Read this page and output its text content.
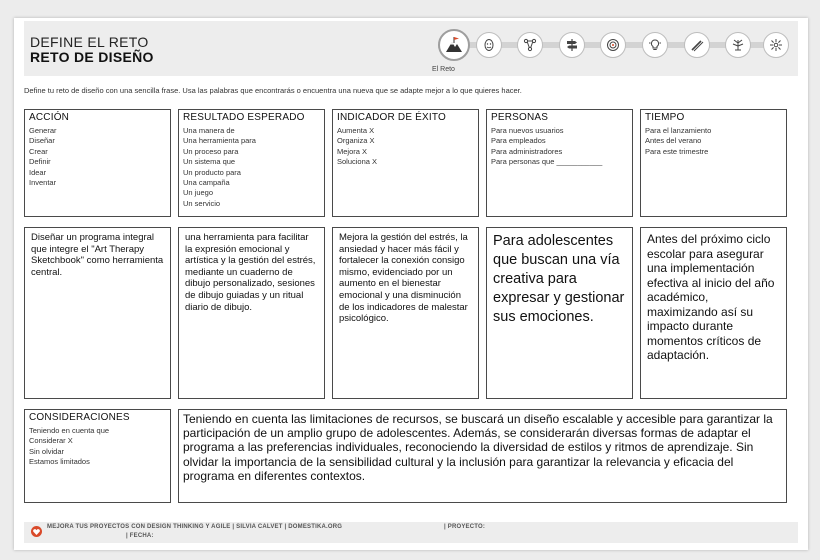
DEFINE EL RETO
RETO DE DISEÑO
El Reto
Define tu reto de diseño con una sencilla frase. Usa las palabras que encontrarás o encuentra una nueva que se adapte mejor a lo que quieres hacer.
ACCIÓN
Generar
Diseñar
Crear
Definir
Idear
Inventar
RESULTADO ESPERADO
Una manera de
Una herramienta para
Un proceso para
Un sistema que
Un producto para
Una campaña
Un juego
Un servicio
INDICADOR DE ÉXITO
Aumenta X
Organiza X
Mejora X
Soluciona X
PERSONAS
Para nuevos usuarios
Para empleados
Para administradores
Para personas que ___________
TIEMPO
Para el lanzamiento
Antes del verano
Para este trimestre
Diseñar un programa integral que integre el "Art Therapy Sketchbook" como herramienta central.
una herramienta para facilitar la expresión emocional y artística y la gestión del estrés, mediante un cuaderno de dibujo personalizado, sesiones de dibujo guiadas y un ritual diario de dibujo.
Mejora la gestión del estrés, la ansiedad y hacer más fácil y fortalecer la conexión consigo mismo, evidenciado por un aumento en el bienestar emocional y una disminución de los indicadores de malestar psicológico.
Para adolescentes que buscan una vía creativa para expresar y gestionar sus emociones.
Antes del próximo ciclo escolar para asegurar una implementación efectiva al inicio del año académico, maximizando así su impacto durante momentos críticos de adaptación.
CONSIDERACIONES
Teniendo en cuenta que
Considerar X
Sin olvidar
Estamos limitados
Teniendo en cuenta las limitaciones de recursos, se buscará un diseño escalable y accesible para garantizar la participación de un amplio grupo de adolescentes. Además, se considerarán diversas formas de adaptar el programa a las preferencias individuales, reconociendo la diversidad de estilos y ritmos de aprendizaje. Sin olvidar la importancia de la sensibilidad cultural y la inclusión para garantizar la relevancia y eficacia del programa en diferentes contextos.
MEJORA TUS PROYECTOS CON DESIGN THINKING Y AGILE | SILVIA CALVET | DOMESTIKA.ORG
| FECHA:
| PROYECTO:
